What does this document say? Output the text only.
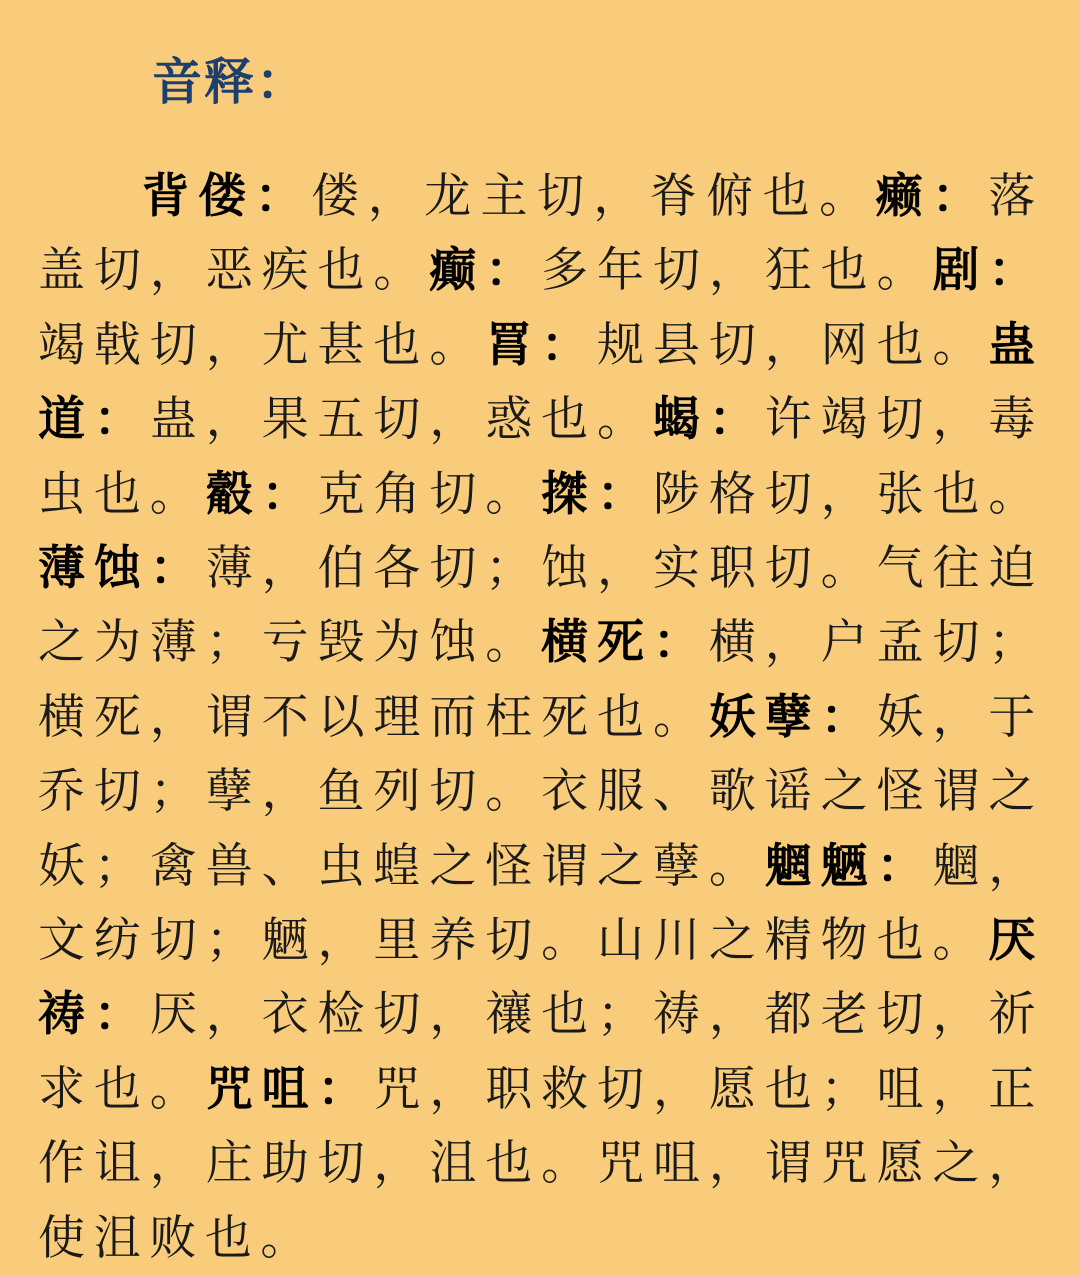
音释：

背偻：偻，龙主切，脊俯也。癞：落盖切，恶疾也。癫：多年切，狂也。剧：竭戟切，尤甚也。罥：规县切，网也。蛊道：蛊，果五切，惑也。蝎：许竭切，毒虫也。觳：克角切。搩：陟格切，张也。薄蚀：薄，伯各切；蚀，实职切。气往迫之为薄；亏毁为蚀。横死：横，户孟切；横死，谓不以理而枉死也。妖孽：妖，于乔切；孽，鱼列切。衣服、歌谣之怪谓之妖；禽兽、虫蝗之怪谓之孽。魍魉：魍，文纺切；魉，里养切。山川之精物也。厌祷：厌，衣检切，禳也；祷，都老切，祈求也。咒咀：咒，职救切，愿也；咀，正作诅，庄助切，沮也。咒咀，谓咒愿之，使沮败也。
